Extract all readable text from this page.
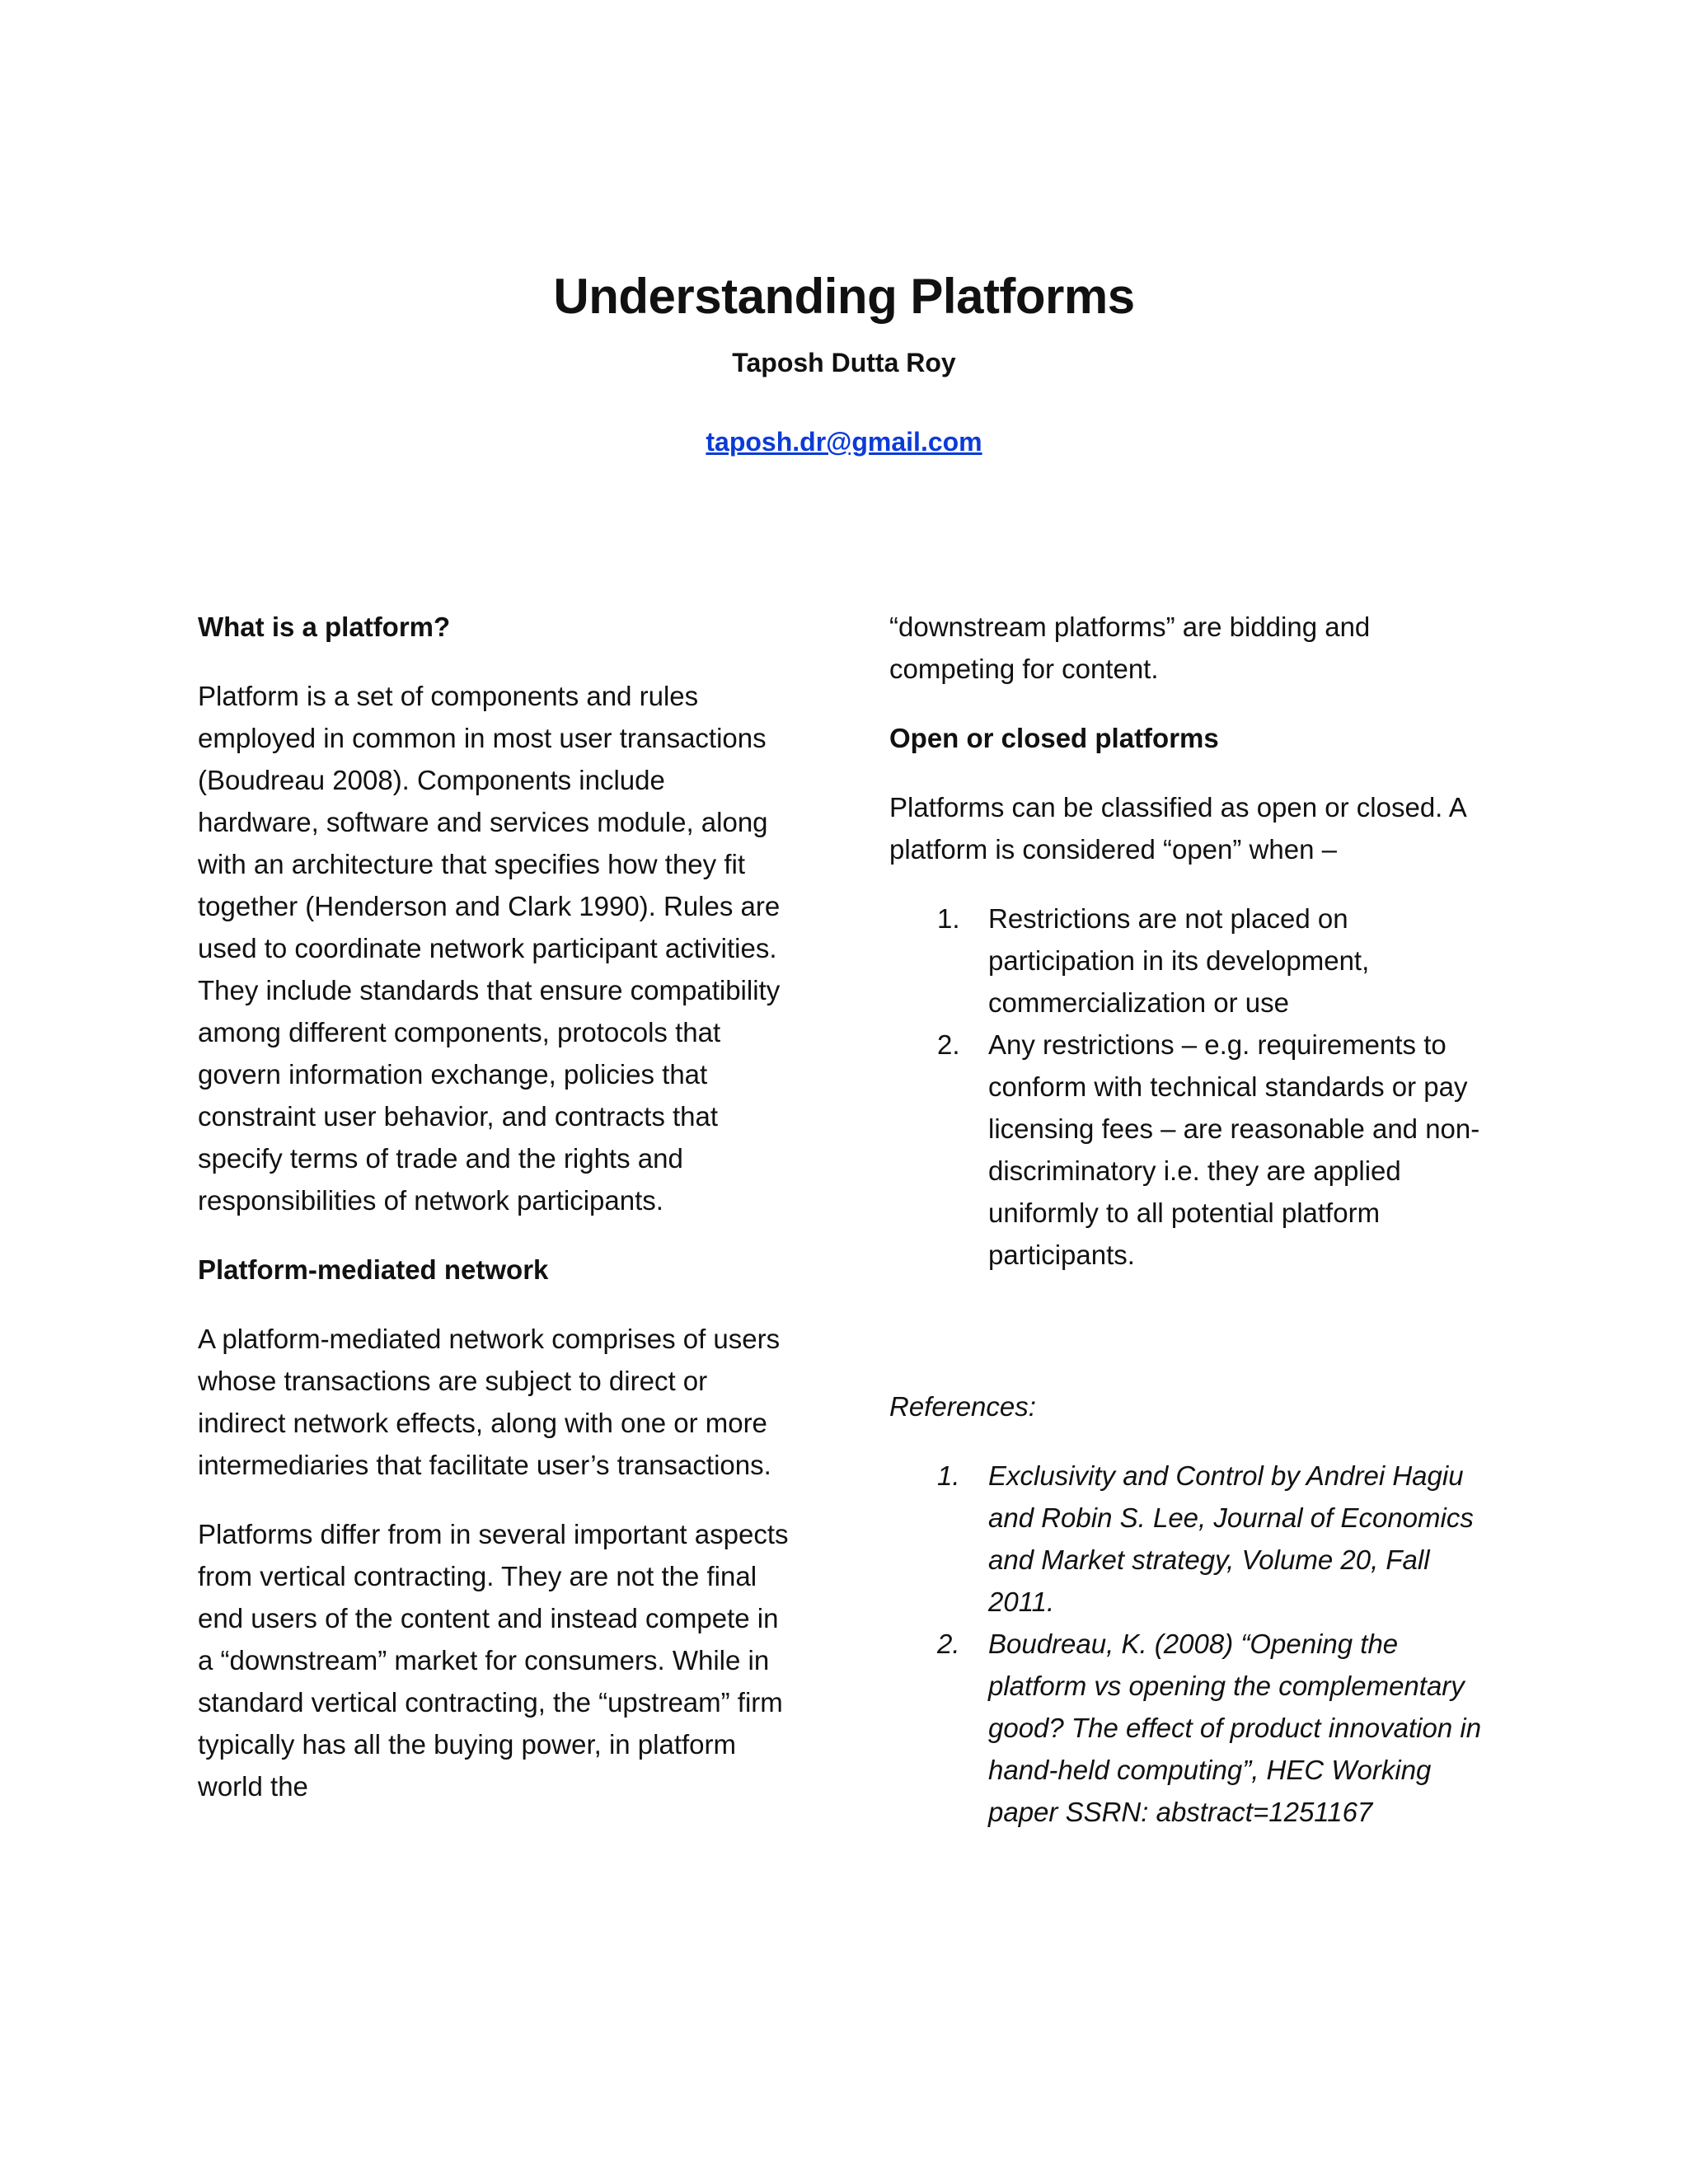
Understanding Platforms
Taposh Dutta Roy
taposh.dr@gmail.com
What is a platform?

Platform is a set of components and rules employed in common in most user transactions (Boudreau 2008). Components include hardware, software and services module, along with an architecture that specifies how they fit together (Henderson and Clark 1990). Rules are used to coordinate network participant activities. They include standards that ensure compatibility among different components, protocols that govern information exchange, policies that constraint user behavior, and contracts that specify terms of trade and the rights and responsibilities of network participants.

Platform-mediated network

A platform-mediated network comprises of users whose transactions are subject to direct or indirect network effects, along with one or more intermediaries that facilitate user’s transactions.

Platforms differ from in several important aspects from vertical contracting. They are not the final end users of the content and instead compete in a “downstream” market for consumers. While in standard vertical contracting, the “upstream” firm typically has all the buying power, in platform world the

“downstream platforms” are bidding and competing for content.

Open or closed platforms

Platforms can be classified as open or closed. A platform is considered “open” when –

1. Restrictions are not placed on participation in its development, commercialization or use
2. Any restrictions – e.g. requirements to conform with technical standards or pay licensing fees – are reasonable and non-discriminatory i.e. they are applied uniformly to all potential platform participants.

References:

1. Exclusivity and Control by Andrei Hagiu and Robin S. Lee, Journal of Economics and Market strategy, Volume 20, Fall 2011.
2. Boudreau, K. (2008) “Opening the platform vs opening the complementary good? The effect of product innovation in hand-held computing”, HEC Working paper SSRN: abstract=1251167
